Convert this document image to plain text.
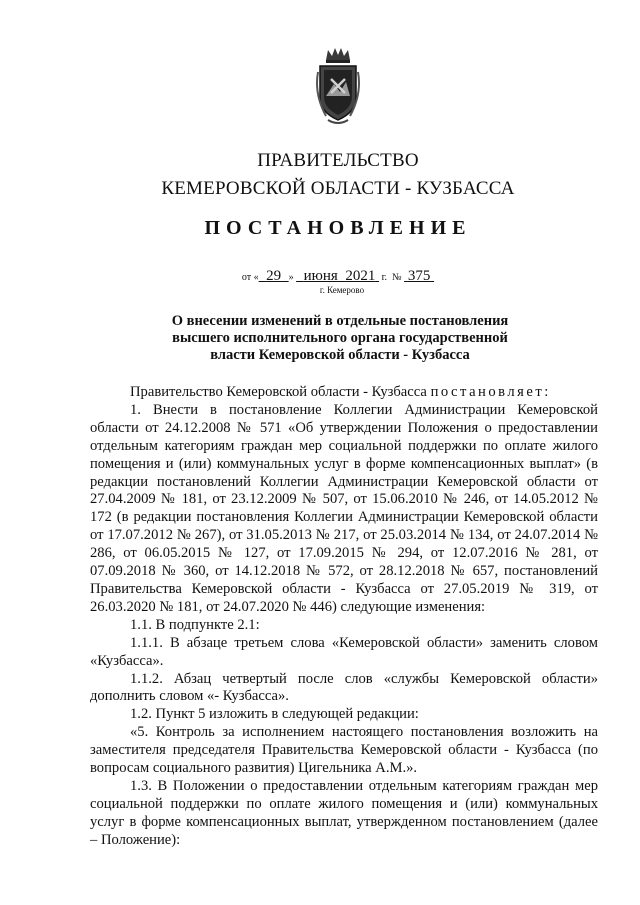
ПРАВИТЕЛЬСТВО
КЕМЕРОВСКОЙ ОБЛАСТИ - КУЗБАССА
ПОСТАНОВЛЕНИЕ
от « 29 » июня 2021 г. № 375
г. Кемерово
О внесении изменений в отдельные постановления
высшего исполнительного органа государственной
власти Кемеровской области - Кузбасса

Правительство Кемеровской области - Кузбасса постановляет:

1. Внести в постановление Коллегии Администрации Кемеровской области от 24.12.2008 № 571 «Об утверждении Положения о предоставлении отдельным категориям граждан мер социальной поддержки по оплате жилого помещения и (или) коммунальных услуг в форме компенсационных выплат» (в редакции постановлений Коллегии Администрации Кемеровской области от 27.04.2009 № 181, от 23.12.2009 № 507, от 15.06.2010 № 246, от 14.05.2012 № 172 (в редакции постановления Коллегии Администрации Кемеровской области от 17.07.2012 № 267), от 31.05.2013 № 217, от 25.03.2014 № 134, от 24.07.2014 № 286, от 06.05.2015 № 127, от 17.09.2015 № 294, от 12.07.2016 № 281, от 07.09.2018 № 360, от 14.12.2018 № 572, от 28.12.2018 № 657, постановлений Правительства Кемеровской области - Кузбасса от 27.05.2019 № 319, от 26.03.2020 № 181, от 24.07.2020 № 446) следующие изменения:

1.1. В подпункте 2.1:

1.1.1. В абзаце третьем слова «Кемеровской области» заменить словом «Кузбасса».

1.1.2. Абзац четвертый после слов «службы Кемеровской области» дополнить словом «- Кузбасса».

1.2. Пункт 5 изложить в следующей редакции:

«5. Контроль за исполнением настоящего постановления возложить на заместителя председателя Правительства Кемеровской области - Кузбасса (по вопросам социального развития) Цигельника А.М.».

1.3. В Положении о предоставлении отдельным категориям граждан мер социальной поддержки по оплате жилого помещения и (или) коммунальных услуг в форме компенсационных выплат, утвержденном постановлением (далее – Положение):
